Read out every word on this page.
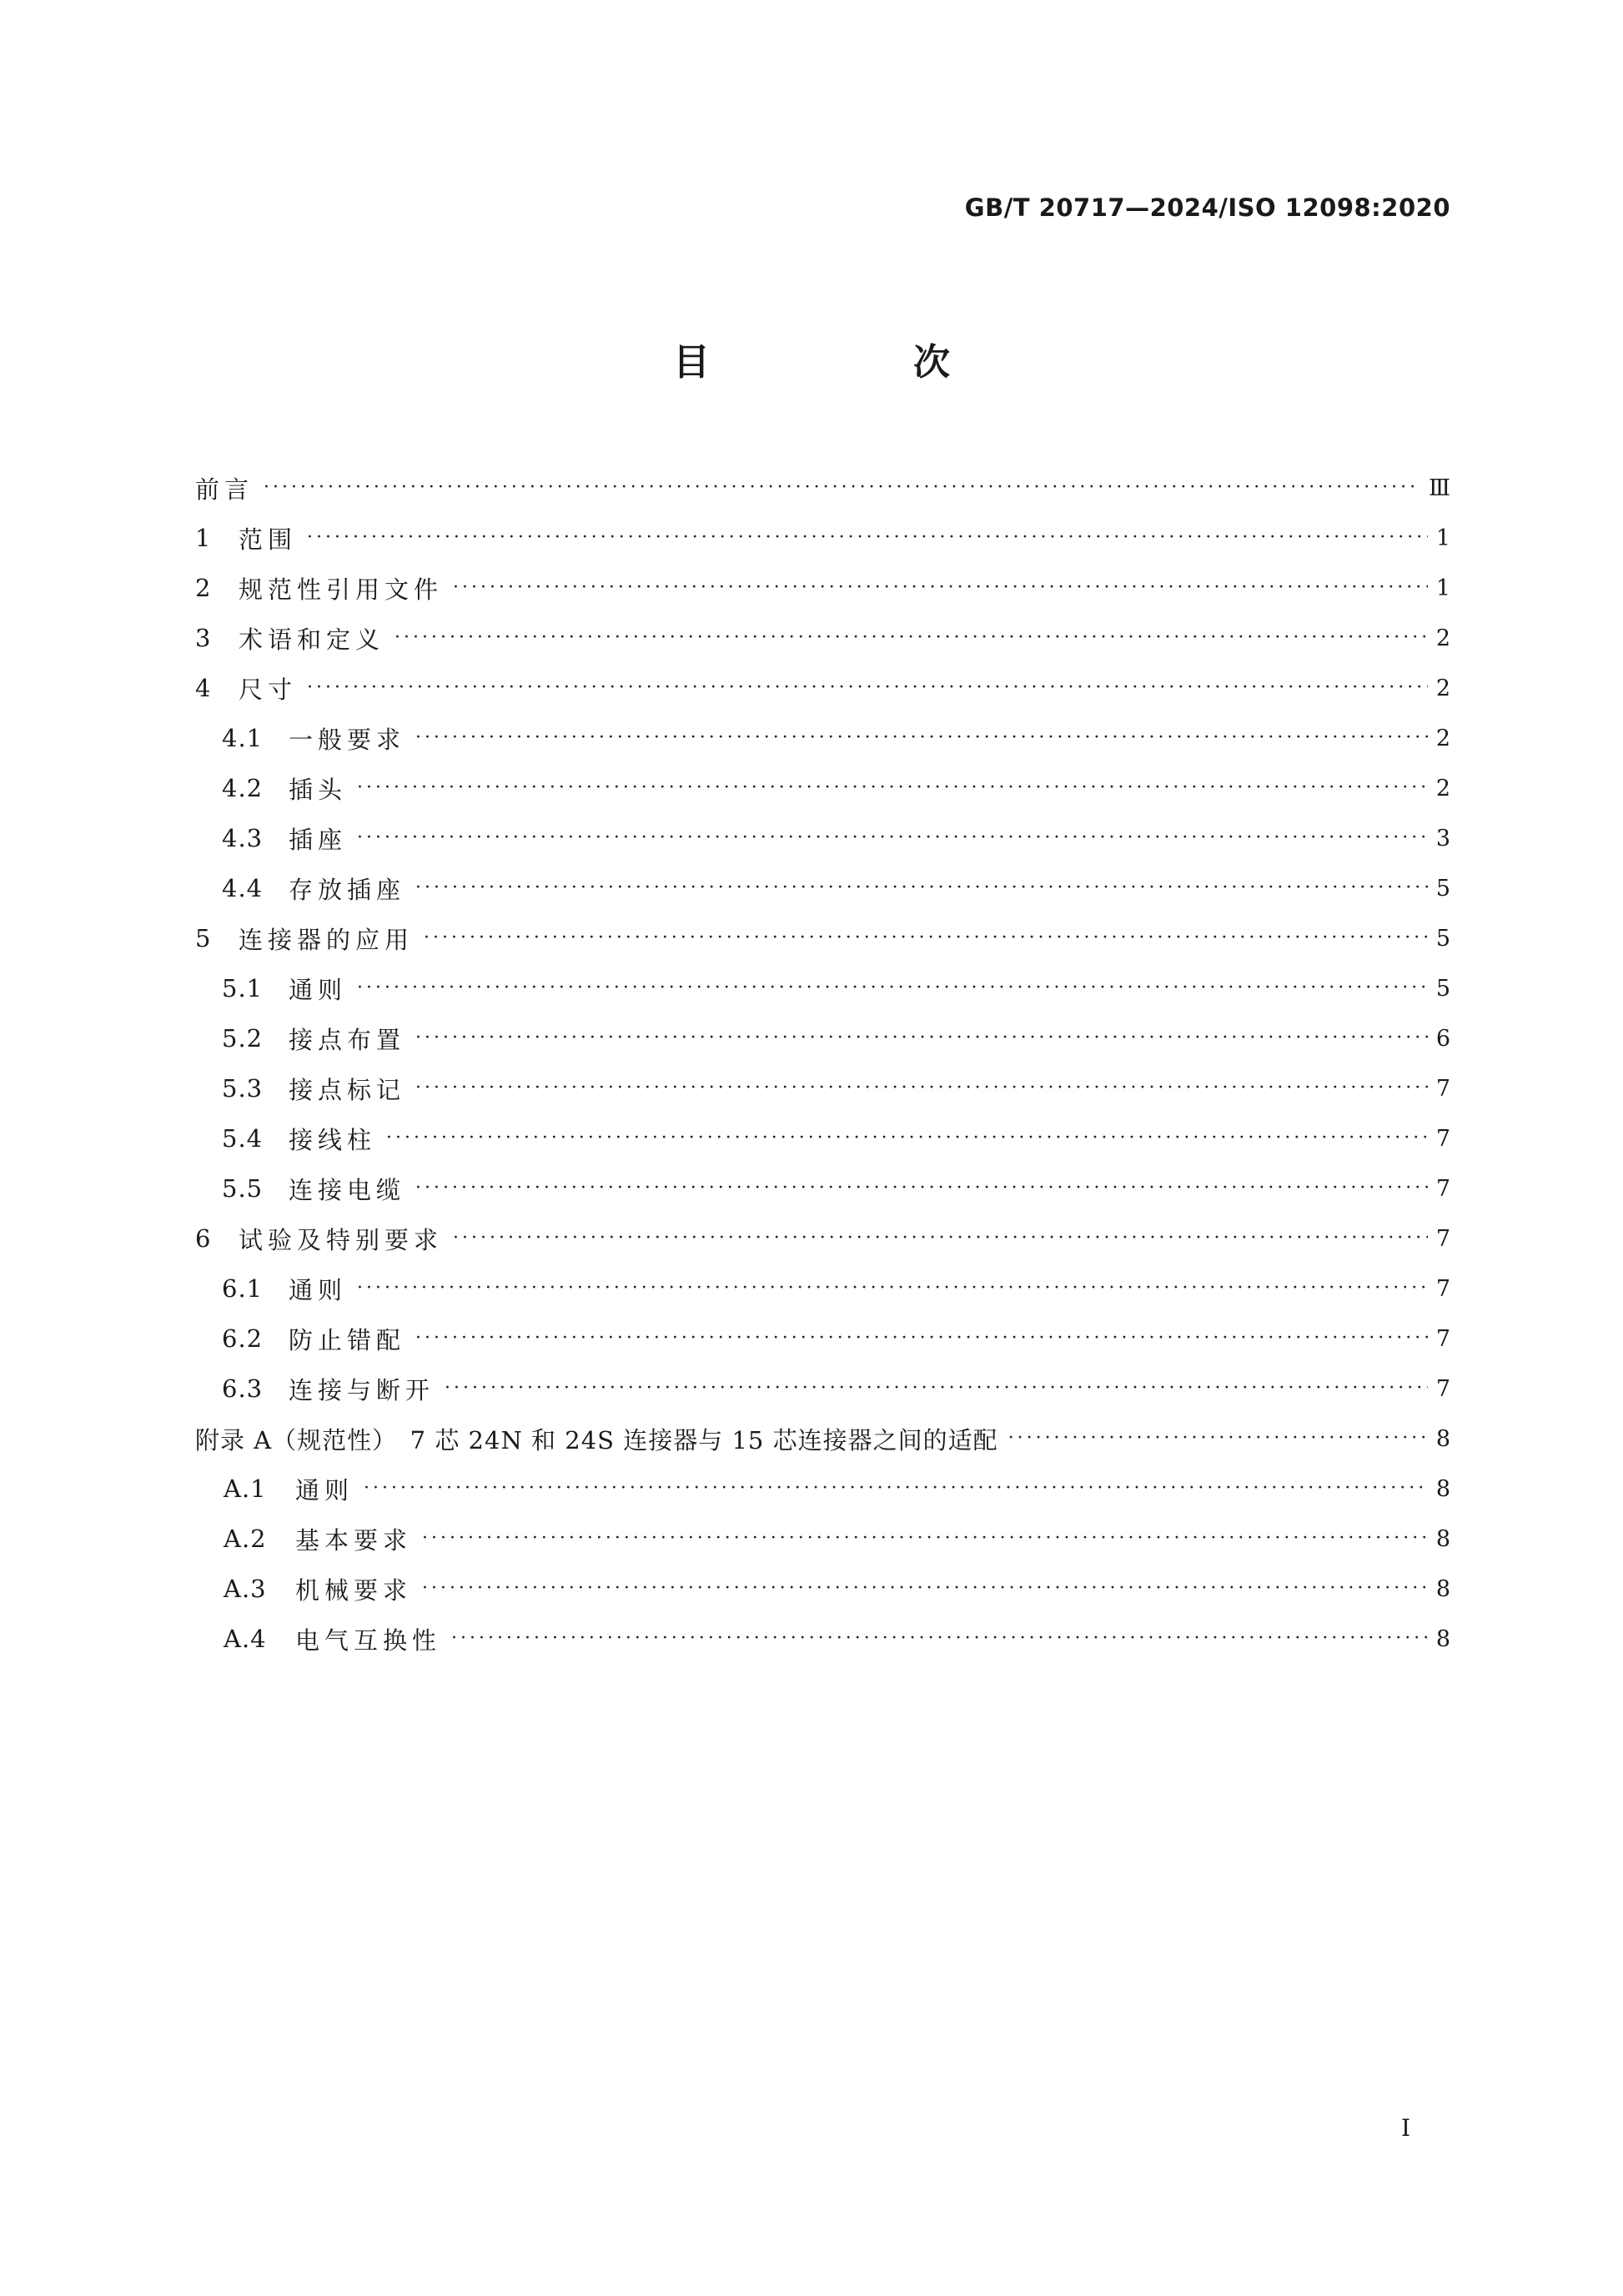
GB/T 20717—2024/ISO 12098:2020
目　次
前言 ·····	Ⅲ
1	范围 ·····	1
2	规范性引用文件 ·····	1
3	术语和定义 ·····	2
4	尺寸 ·····	2
4.1	一般要求 ·····	2
4.2	插头 ·····	2
4.3	插座 ·····	3
4.4	存放插座 ·····	5
5	连接器的应用 ·····	5
5.1	通则 ·····	5
5.2	接点布置 ·····	6
5.3	接点标记 ·····	7
5.4	接线柱 ·····	7
5.5	连接电缆 ·····	7
6	试验及特别要求 ·····	7
6.1	通则 ·····	7
6.2	防止错配 ·····	7
6.3	连接与断开 ·····	7
附录 A（规范性）　7 芯 24N 和 24S 连接器与 15 芯连接器之间的适配 ·····	8
A.1	通则 ·····	8
A.2	基本要求 ·····	8
A.3	机械要求 ·····	8
A.4	电气互换性 ·····	8
Ⅰ
